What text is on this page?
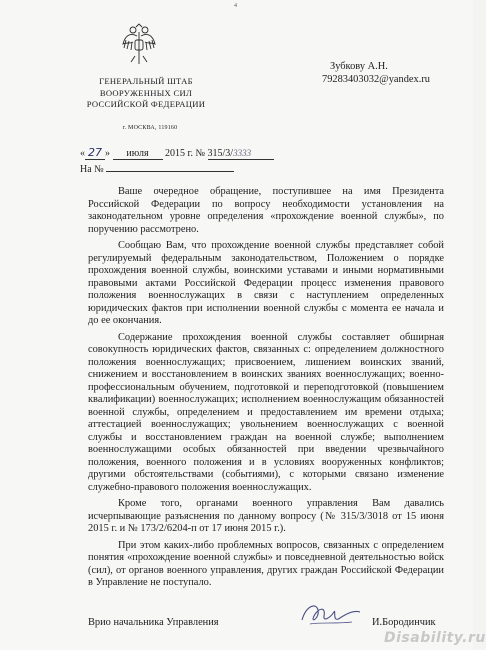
4
ГЕНЕРАЛЬНЫЙ ШТАБ
ВООРУЖЕННЫХ СИЛ
РОССИЙСКОЙ ФЕДЕРАЦИИ
г. МОСКВА, 119160
Зубкову А.Н.
79283403032@yandex.ru
« 27 » июля 2015 г. № 315/3/3333
На №

Ваше очередное обращение, поступившее на имя Президента Российской Федерации по вопросу необходимости установления на законодательном уровне определения «прохождение военной службы», по поручению рассмотрено.

Сообщаю Вам, что прохождение военной службы представляет собой регулируемый федеральным законодательством, Положением о порядке прохождения военной службы, воинскими уставами и иными нормативными правовыми актами Российской Федерации процесс изменения правового положения военнослужащих в связи с наступлением определенных юридических фактов при исполнении военной службы с момента ее начала и до ее окончания.

Содержание прохождения военной службы составляет обширная совокупность юридических фактов, связанных с: определением должностного положения военнослужащих; присвоением, лишением воинских званий, снижением и восстановлением в воинских званиях военнослужащих; военно-профессиональным обучением, подготовкой и переподготовкой (повышением квалификации) военнослужащих; исполнением военнослужащим обязанностей военной службы, определением и предоставлением им времени отдыха; аттестацией военнослужащих; увольнением военнослужащих с военной службы и восстановлением граждан на военной службе; выполнением военнослужащими особых обязанностей при введении чрезвычайного положения, военного положения и в условиях вооруженных конфликтов; другими обстоятельствами (событиями), с которыми связано изменение служебно-правового положения военнослужащих.

Кроме того, органами военного управления Вам давались исчерпывающие разъяснения по данному вопросу (№ 315/3/3018 от 15 июня 2015 г. и № 173/2/6204-п от 17 июня 2015 г.).

При этом каких-либо проблемных вопросов, связанных с определением понятия «прохождение военной службы» и повседневной деятельностью войск (сил), от органов военного управления, других граждан Российской Федерации в Управление не поступало.

Врио начальника Управления	И.Бородинчик
Disability.ru
